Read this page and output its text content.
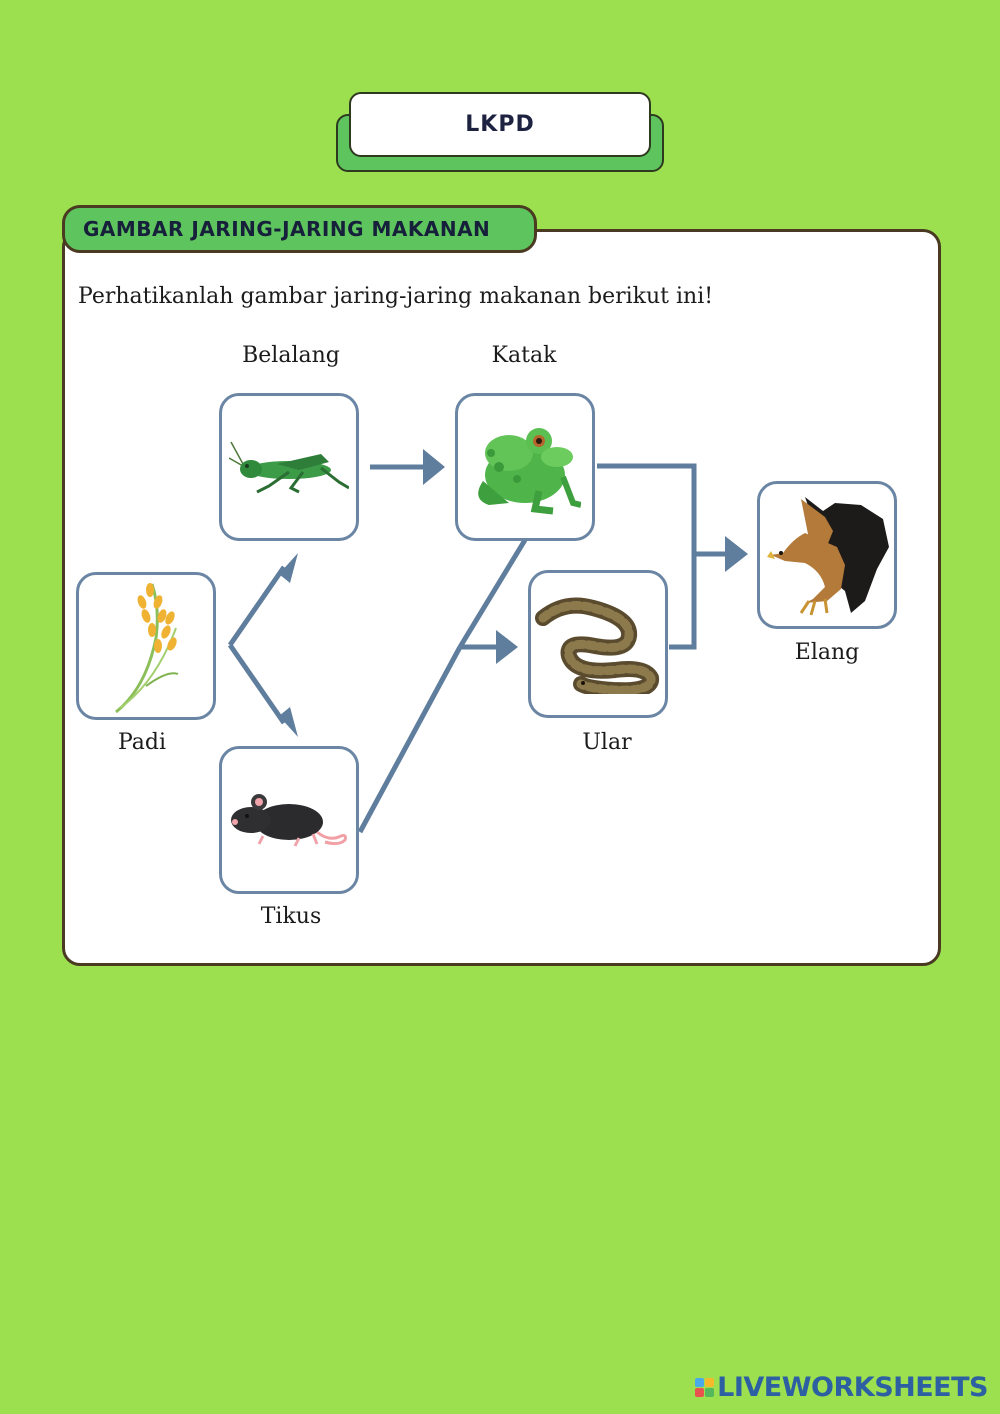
LKPD
GAMBAR JARING-JARING MAKANAN
Perhatikanlah gambar jaring-jaring makanan berikut ini!
Belalang	Katak
Padi	Ular
Elang
Tikus
LIVEWORKSHEETS
